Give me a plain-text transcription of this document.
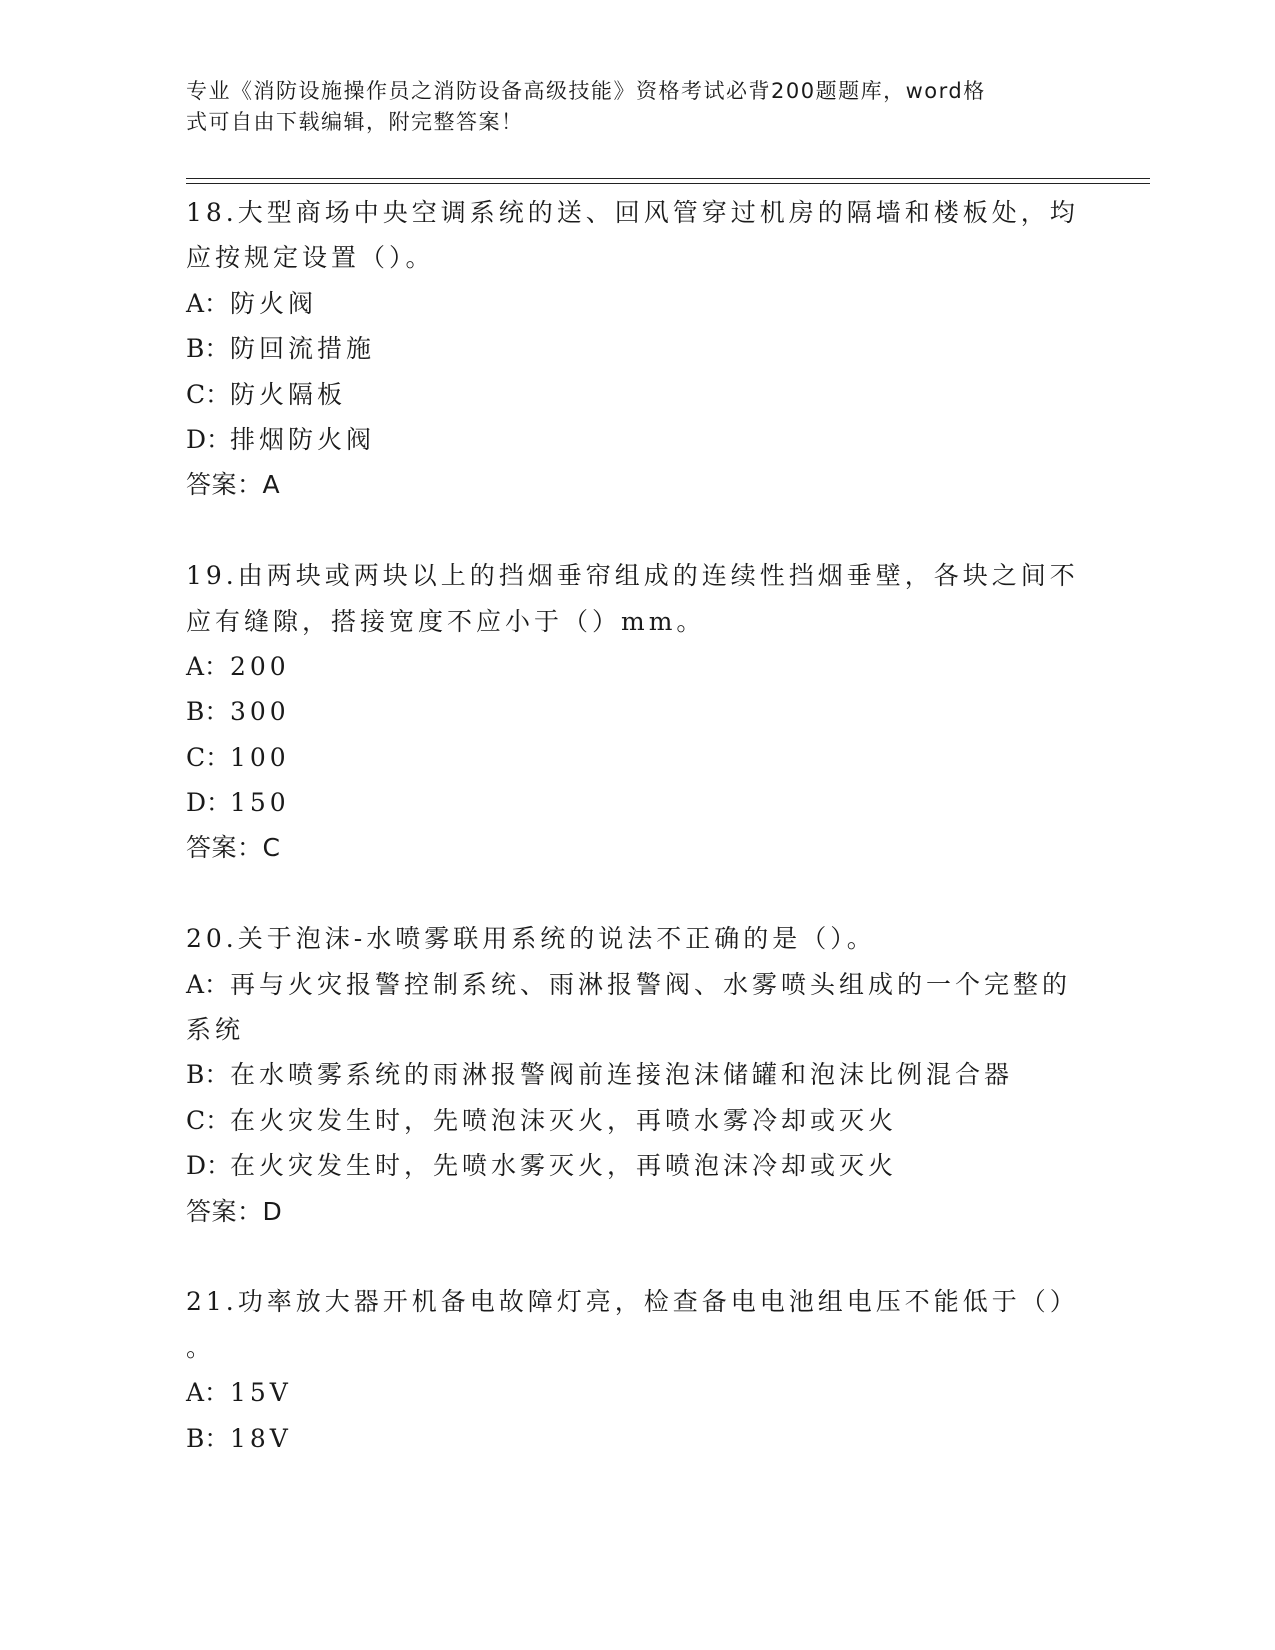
专业《消防设施操作员之消防设备高级技能》资格考试必背200题题库，word格
式可自由下载编辑，附完整答案！
18.大型商场中央空调系统的送、回风管穿过机房的隔墙和楼板处，均
应按规定设置（）。
A：防火阀
B：防回流措施
C：防火隔板
D：排烟防火阀
答案：A
19.由两块或两块以上的挡烟垂帘组成的连续性挡烟垂壁，各块之间不
应有缝隙，搭接宽度不应小于（）mm。
A：200
B：300
C：100
D：150
答案：C
20.关于泡沫-水喷雾联用系统的说法不正确的是（）。
A：再与火灾报警控制系统、雨淋报警阀、水雾喷头组成的一个完整的
系统
B：在水喷雾系统的雨淋报警阀前连接泡沫储罐和泡沫比例混合器
C：在火灾发生时，先喷泡沫灭火，再喷水雾冷却或灭火
D：在火灾发生时，先喷水雾灭火，再喷泡沫冷却或灭火
答案：D
21.功率放大器开机备电故障灯亮，检查备电电池组电压不能低于（）
。
A：15V
B：18V
